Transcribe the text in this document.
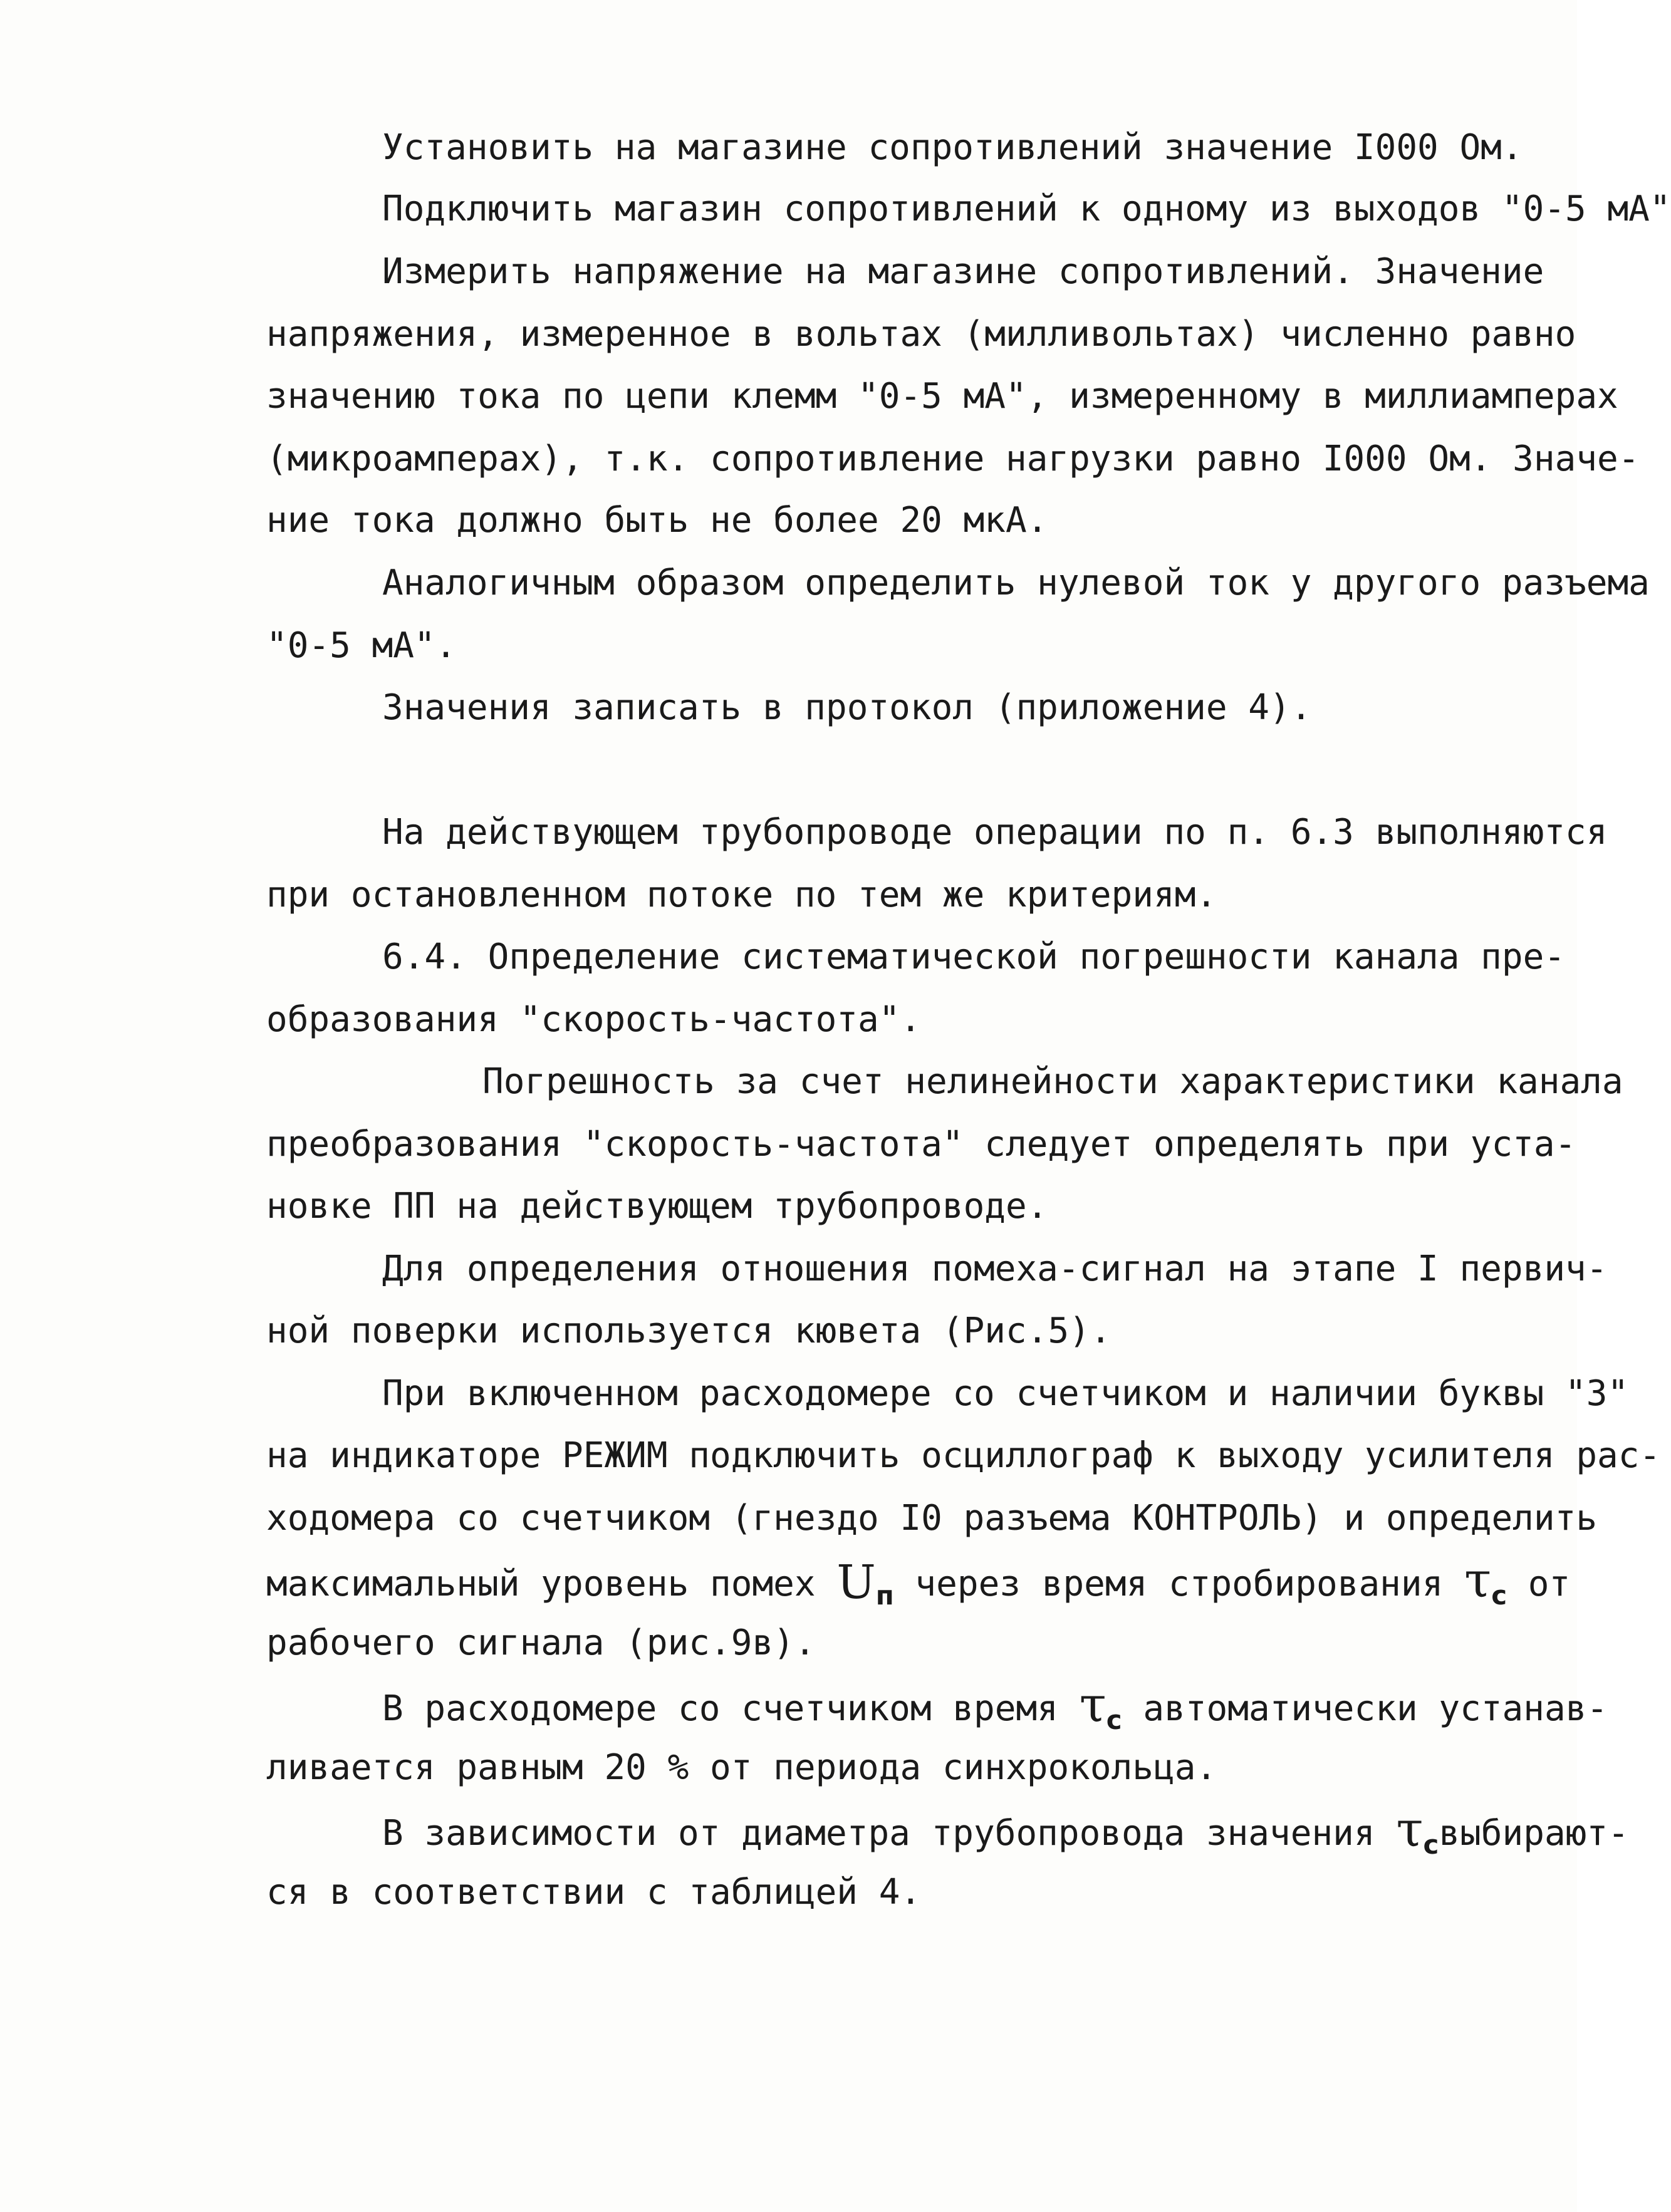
Установить на магазине сопротивлений значение I000 Ом.
Подключить магазин сопротивлений к одному из выходов "0-5 мА"
Измерить напряжение на магазине сопротивлений. Значение
напряжения, измеренное в вольтах (милливольтах) численно равно
значению тока по цепи клемм "0-5 мА", измеренному в миллиамперах
(микроамперах), т.к. сопротивление нагрузки равно I000 Ом. Значе-
ние тока должно быть не более 20 мкА.
Аналогичным образом определить нулевой ток у другого разъема
"0-5 мА".
Значения записать в протокол (приложение 4).
На действующем трубопроводе операции по п. 6.3 выполняются
при остановленном потоке по тем же критериям.
6.4. Определение систематической погрешности канала пре-
образования "скорость-частота".
Погрешность за счет нелинейности характеристики канала
преобразования "скорость-частота" следует определять при уста-
новке ПП на действующем трубопроводе.
Для определения отношения помеха-сигнал на этапе I первич-
ной поверки используется кювета (Рис.5).
При включенном расходомере со счетчиком и наличии буквы "З"
на индикаторе РЕЖИМ подключить осциллограф к выходу усилителя рас-
ходомера со счетчиком (гнездо I0 разъема КОНТРОЛЬ) и определить
максимальный уровень помех $U_п$ через время стробирования $\tau_с$ от
рабочего сигнала (рис.9в).
В расходомере со счетчиком время $\tau_с$ автоматически устанав-
ливается равным 20 % от периода синхрокольца.
В зависимости от диаметра трубопровода значения $\tau_свыбирают-$
ся в соответствии с таблицей 4.
